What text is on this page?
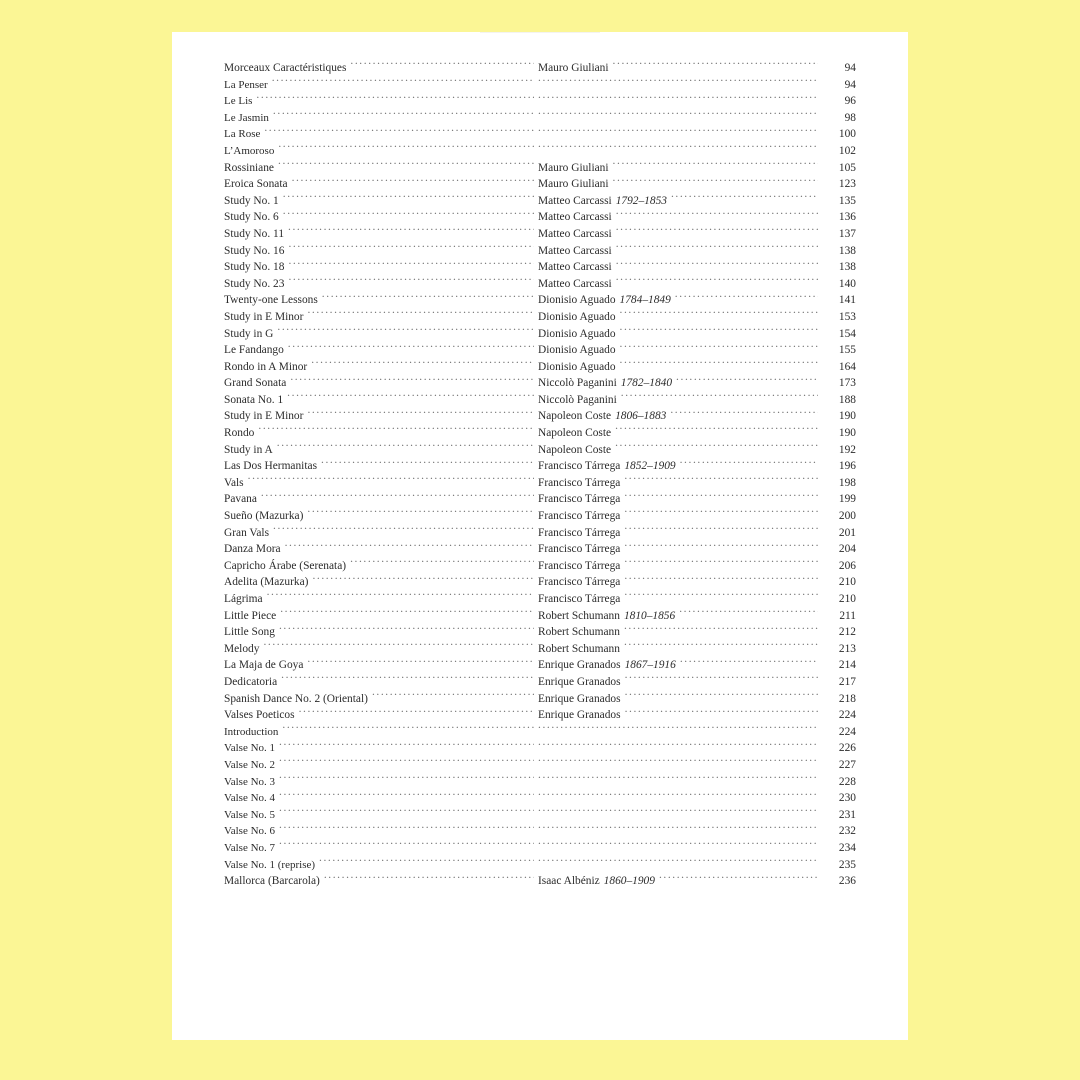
Morceaux Caractéristiques .....	Mauro Giuliani .....	94
La Penser ..... .....	94
Le Lis ..... .....	96
Le Jasmin ..... .....	98
La Rose ..... .....	100
L’Amoroso ..... .....	102
Rossiniane .....	Mauro Giuliani .....	105
Eroica Sonata .....	Mauro Giuliani .....	123
Study No. 1 .....	Matteo Carcassi 1792–1853 .....	135
Study No. 6 .....	Matteo Carcassi .....	136
Study No. 11 .....	Matteo Carcassi .....	137
Study No. 16 .....	Matteo Carcassi .....	138
Study No. 18 .....	Matteo Carcassi .....	138
Study No. 23 .....	Matteo Carcassi .....	140
Twenty-one Lessons .....	Dionisio Aguado 1784–1849 .....	141
Study in E Minor .....	Dionisio Aguado .....	153
Study in G .....	Dionisio Aguado .....	154
Le Fandango .....	Dionisio Aguado .....	155
Rondo in A Minor .....	Dionisio Aguado .....	164
Grand Sonata .....	Niccolò Paganini 1782–1840 .....	173
Sonata No. 1 .....	Niccolò Paganini .....	188
Study in E Minor .....	Napoleon Coste 1806–1883 .....	190
Rondo .....	Napoleon Coste .....	190
Study in A .....	Napoleon Coste .....	192
Las Dos Hermanitas .....	Francisco Tárrega 1852–1909 .....	196
Vals .....	Francisco Tárrega .....	198
Pavana .....	Francisco Tárrega .....	199
Sueño (Mazurka) .....	Francisco Tárrega .....	200
Gran Vals .....	Francisco Tárrega .....	201
Danza Mora .....	Francisco Tárrega .....	204
Capricho Árabe (Serenata) .....	Francisco Tárrega .....	206
Adelita (Mazurka) .....	Francisco Tárrega .....	210
Lágrima .....	Francisco Tárrega .....	210
Little Piece .....	Robert Schumann 1810–1856 .....	211
Little Song .....	Robert Schumann .....	212
Melody .....	Robert Schumann .....	213
La Maja de Goya .....	Enrique Granados 1867–1916 .....	214
Dedicatoria .....	Enrique Granados .....	217
Spanish Dance No. 2 (Oriental) .....	Enrique Granados .....	218
Valses Poeticos .....	Enrique Granados .....	224
Introduction ..... .....	224
Valse No. 1 ..... .....	226
Valse No. 2 ..... .....	227
Valse No. 3 ..... .....	228
Valse No. 4 ..... .....	230
Valse No. 5 ..... .....	231
Valse No. 6 ..... .....	232
Valse No. 7 ..... .....	234
Valse No. 1 (reprise) ..... .....	235
Mallorca (Barcarola) .....	Isaac Albéniz 1860–1909 .....	236
